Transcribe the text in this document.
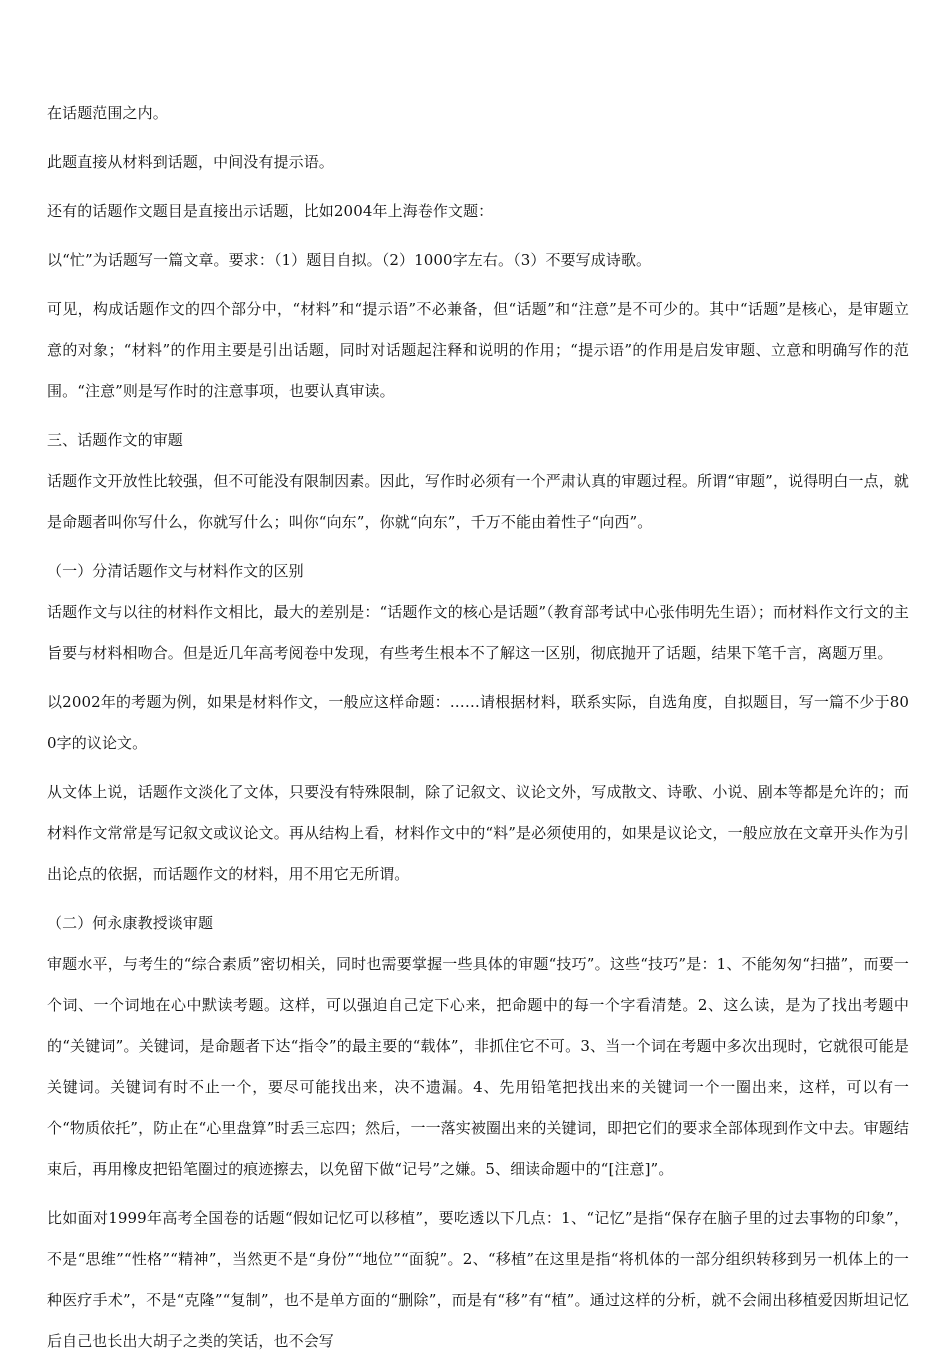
在话题范围之内。

此题直接从材料到话题，中间没有提示语。

还有的话题作文题目是直接出示话题，比如2004年上海卷作文题：

以“忙”为话题写一篇文章。要求：（1）题目自拟。（2）1000字左右。（3）不要写成诗歌。

可见，构成话题作文的四个部分中，“材料”和“提示语”不必兼备，但“话题”和“注意”是不可少的。其中“话题”是核心，是审题立意的对象；“材料”的作用主要是引出话题，同时对话题起注释和说明的作用；“提示语”的作用是启发审题、立意和明确写作的范围。“注意”则是写作时的注意事项，也要认真审读。

三、话题作文的审题

话题作文开放性比较强，但不可能没有限制因素。因此，写作时必须有一个严肃认真的审题过程。所谓“审题”，说得明白一点，就是命题者叫你写什么，你就写什么；叫你“向东”，你就“向东”，千万不能由着性子“向西”。

（一）分清话题作文与材料作文的区别

话题作文与以往的材料作文相比，最大的差别是：“话题作文的核心是话题”（教育部考试中心张伟明先生语）；而材料作文行文的主旨要与材料相吻合。但是近几年高考阅卷中发现，有些考生根本不了解这一区别，彻底抛开了话题，结果下笔千言，离题万里。

以2002年的考题为例，如果是材料作文，一般应这样命题：……请根据材料，联系实际，自选角度，自拟题目，写一篇不少于800字的议论文。

从文体上说，话题作文淡化了文体，只要没有特殊限制，除了记叙文、议论文外，写成散文、诗歌、小说、剧本等都是允许的；而材料作文常常是写记叙文或议论文。再从结构上看，材料作文中的“料”是必须使用的，如果是议论文，一般应放在文章开头作为引出论点的依据，而话题作文的材料，用不用它无所谓。

（二）何永康教授谈审题

审题水平，与考生的“综合素质”密切相关，同时也需要掌握一些具体的审题“技巧”。这些“技巧”是：1、不能匆匆“扫描”，而要一个词、一个词地在心中默读考题。这样，可以强迫自己定下心来，把命题中的每一个字看清楚。2、这么读，是为了找出考题中的“关键词”。关键词，是命题者下达“指令”的最主要的“载体”，非抓住它不可。3、当一个词在考题中多次出现时，它就很可能是关键词。关键词有时不止一个，要尽可能找出来，决不遗漏。4、先用铅笔把找出来的关键词一个一圈出来，这样，可以有一个“物质依托”，防止在“心里盘算”时丢三忘四；然后，一一落实被圈出来的关键词，即把它们的要求全部体现到作文中去。审题结束后，再用橡皮把铅笔圈过的痕迹擦去，以免留下做“记号”之嫌。5、细读命题中的“[注意]”。

比如面对1999年高考全国卷的话题“假如记忆可以移植”，要吃透以下几点：1、“记忆”是指“保存在脑子里的过去事物的印象”，不是“思维”“性格”“精神”，当然更不是“身份”“地位”“面貌”。2、“移植”在这里是指“将机体的一部分组织转移到另一机体上的一种医疗手术”，不是“克隆”“复制”，也不是单方面的“删除”，而是有“移”有“植”。通过这样的分析，就不会闹出移植爱因斯坦记忆后自己也长出大胡子之类的笑话，也不会写
